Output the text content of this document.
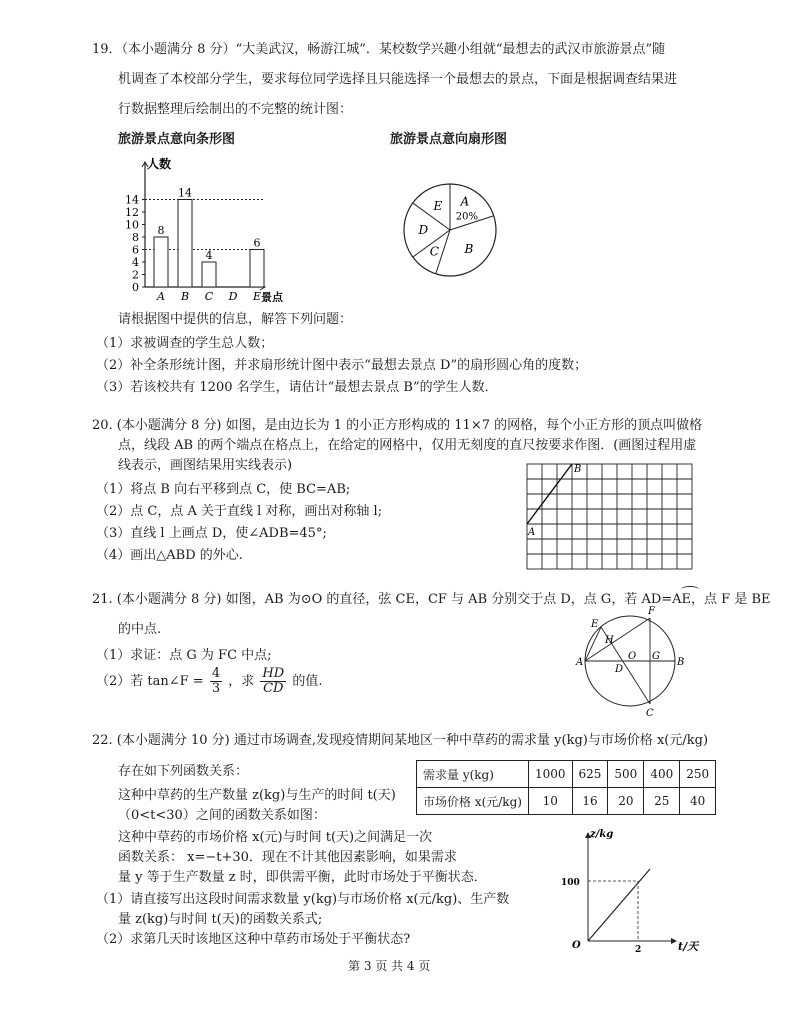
19．（本小题满分 8 分）“大美武汉，畅游江城”．某校数学兴趣小组就“最想去的武汉市旅游景点”随
机调查了本校部分学生，要求每位同学选择且只能选择一个最想去的景点，下面是根据调查结果进
行数据整理后绘制出的不完整的统计图：
旅游景点意向条形图	旅游景点意向扇形图
0
2
4
6
8
10
12
14
人数
景点
A
8
B
14
C
4
D E
6
A
20%
B
C
D
E
请根据图中提供的信息，解答下列问题：
（1）求被调查的学生总人数；
（2）补全条形统计图，并求扇形统计图中表示“最想去景点 D”的扇形圆心角的度数；
（3）若该校共有 1200 名学生，请估计“最想去景点 B”的学生人数．
20. (本小题满分 8 分) 如图，是由边长为 1 的小正方形构成的 11×7 的网格，每个小正方形的顶点叫做格
点，线段 AB 的两个端点在格点上，在给定的网格中，仅用无刻度的直尺按要求作图．(画图过程用虚
线表示，画图结果用实线表示)
（1）将点 B 向右平移到点 C，使 BC=AB;
（2）点 C，点 A 关于直线 l 对称，画出对称轴 l;
（3）直线 l 上画点 D，使∠ADB=45°;
（4）画出△ABD 的外心.
A
B
21. (本小题满分 8 分) 如图，AB 为⊙O 的直径，弦 CE，CF 与 AB 分别交于点 D，点 G，若 AD=AE，点 F 是 BE
的中点.
（1）求证：点 G 为 FC 中点;
（2）若 tan∠F = $\frac{4}{3}$ ，求 $\frac{HD}{CD}$ 的值.
F
E
H
A
D
O G
B
C
22. (本小题满分 10 分) 通过市场调查,发现疫情期间某地区一种中草药的需求量 y(kg)与市场价格 x(元/kg)
存在如下列函数关系：	需求量 y(kg)	1000	625	500	400	250
市场价格 x(元/kg)	10	16	20	25	40
这种中草药的生产数量 z(kg)与生产的时间 t(天)
（0<t<30）之间的函数关系如图：
这种中草药的市场价格 x(元)与时间 t(天)之间满足一次
函数关系： x=−t+30．现在不计其他因素影响，如果需求
量 y 等于生产数量 z 时，即供需平衡，此时市场处于平衡状态．
（1）请直接写出这段时间需求数量 y(kg)与市场价格 x(元/kg)、生产数
量 z(kg)与时间 t(天)的函数关系式;
（2）求第几天时该地区这种中草药市场处于平衡状态?
z/kg
t/天
O
100
2
第 3 页 共 4 页
